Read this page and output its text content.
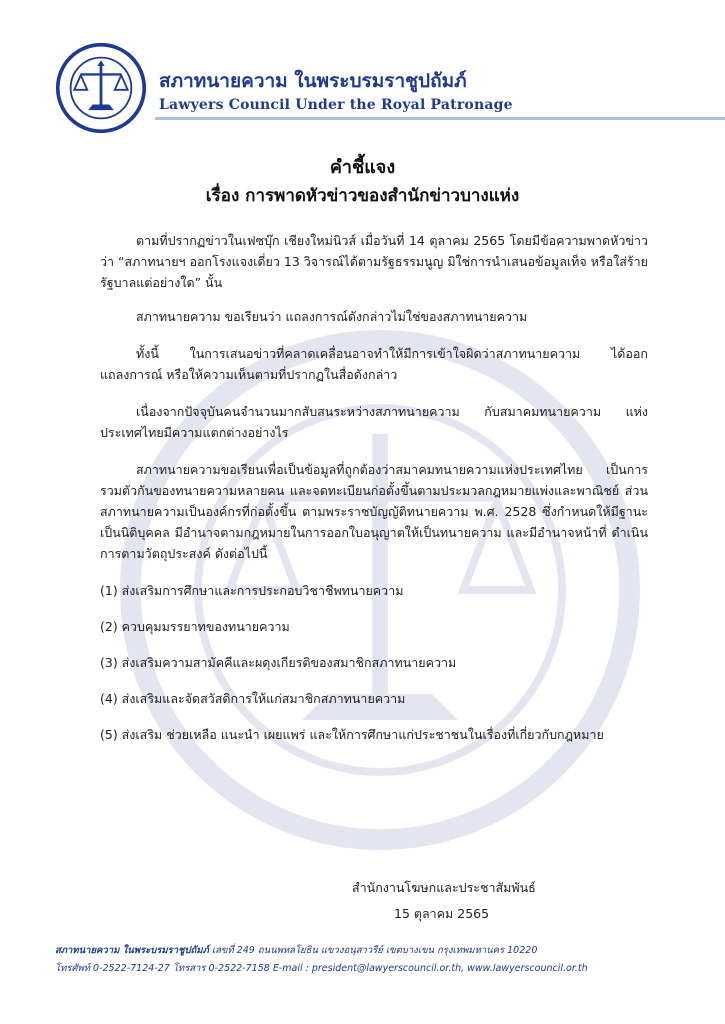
สภาทนายความ ในพระบรมราชูปถัมภ์
Lawyers Council Under the Royal Patronage
คำชี้แจง
เรื่อง การพาดหัวข่าวของสำนักข่าวบางแห่ง

ตามที่ปรากฏข่าวในเฟซบุ๊ก เชียงใหม่นิวส์ เมื่อวันที่ 14 ตุลาคม 2565 โดยมีข้อความพาดหัวข่าว ว่า “สภาทนายฯ ออกโรงแจงเดี่ยว 13 วิจารณ์ได้ตามรัฐธรรมนูญ มิใช่การนำเสนอข้อมูลเท็จ หรือใส่ร้ายรัฐบาลแต่อย่างใด” นั้น

สภาทนายความ ขอเรียนว่า แถลงการณ์ดังกล่าวไม่ใช่ของสภาทนายความ

ทั้งนี้ ในการเสนอข่าวที่คลาดเคลื่อนอาจทำให้มีการเข้าใจผิดว่าสภาทนายความ ได้ออก แถลงการณ์ หรือให้ความเห็นตามที่ปรากฏในสื่อดังกล่าว

เนื่องจากปัจจุบันคนจำนวนมากสับสนระหว่างสภาทนายความ กับสมาคมทนายความ แห่งประเทศไทยมีความแตกต่างอย่างไร

สภาทนายความขอเรียนเพื่อเป็นข้อมูลที่ถูกต้องว่าสมาคมทนายความแห่งประเทศไทย เป็นการ รวมตัวกันของทนายความหลายคน และจดทะเบียนก่อตั้งขึ้นตามประมวลกฎหมายแพ่งและพาณิชย์ ส่วน สภาทนายความเป็นองค์กรที่ก่อตั้งขึ้น ตามพระราชบัญญัติทนายความ พ.ศ. 2528 ซึ่งกำหนดให้มีฐานะ เป็นนิติบุคคล มีอำนาจตามกฎหมายในการออกใบอนุญาตให้เป็นทนายความ และมีอำนาจหน้าที่ ดำเนินการตามวัตถุประสงค์ ดังต่อไปนี้

(1) ส่งเสริมการศึกษาและการประกอบวิชาชีพทนายความ
(2) ควบคุมมรรยาทของทนายความ
(3) ส่งเสริมความสามัคคีและผดุงเกียรติของสมาชิกสภาทนายความ
(4) ส่งเสริมและจัดสวัสดิการให้แก่สมาชิกสภาทนายความ
(5) ส่งเสริม ช่วยเหลือ แนะนำ เผยแพร่ และให้การศึกษาแก่ประชาชนในเรื่องที่เกี่ยวกับกฎหมาย
สำนักงานโฆษกและประชาสัมพันธ์
15 ตุลาคม 2565
สภาทนายความ ในพระบรมราชูปถัมภ์ เลขที่ 249 ถนนพหลโยธิน แขวงอนุสาวรีย์ เขตบางเขน กรุงเทพมหานคร 10220
โทรศัพท์ 0-2522-7124-27 โทรสาร 0-2522-7158 E-mail : president@lawyerscouncil.or.th, www.lawyerscouncil.or.th
